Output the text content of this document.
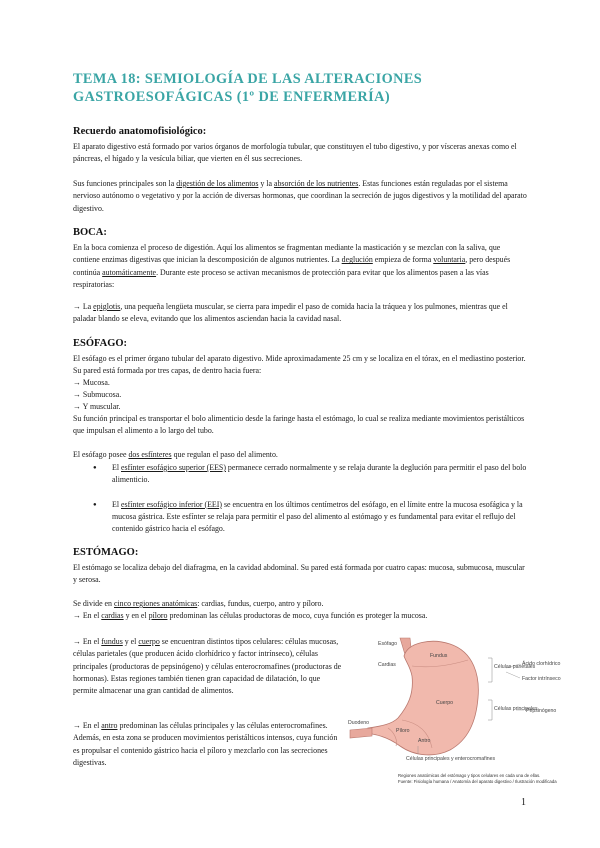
TEMA 18: SEMIOLOGÍA DE LAS ALTERACIONES GASTROESOFÁGICAS (1º DE ENFERMERÍA)

Recuerdo anatomofisiológico:

El aparato digestivo está formado por varios órganos de morfología tubular, que constituyen el tubo digestivo, y por vísceras anexas como el páncreas, el hígado y la vesícula biliar, que vierten en él sus secreciones.

Sus funciones principales son la digestión de los alimentos y la absorción de los nutrientes. Estas funciones están reguladas por el sistema nervioso autónomo o vegetativo y por la acción de diversas hormonas, que coordinan la secreción de jugos digestivos y la motilidad del aparato digestivo.

BOCA:

En la boca comienza el proceso de digestión. Aquí los alimentos se fragmentan mediante la masticación y se mezclan con la saliva, que contiene enzimas digestivas que inician la descomposición de algunos nutrientes. La deglución empieza de forma voluntaria, pero después continúa automáticamente. Durante este proceso se activan mecanismos de protección para evitar que los alimentos pasen a las vías respiratorias:

→ La epiglotis, una pequeña lengüeta muscular, se cierra para impedir el paso de comida hacia la tráquea y los pulmones, mientras que el paladar blando se eleva, evitando que los alimentos asciendan hacia la cavidad nasal.

ESÓFAGO:

El esófago es el primer órgano tubular del aparato digestivo. Mide aproximadamente 25 cm y se localiza en el tórax, en el mediastino posterior. Su pared está formada por tres capas, de dentro hacia fuera:

→ Mucosa.

→ Submucosa.

→ Y muscular.

Su función principal es transportar el bolo alimenticio desde la faringe hasta el estómago, lo cual se realiza mediante movimientos peristálticos que impulsan el alimento a lo largo del tubo.

El esófago posee dos esfínteres que regulan el paso del alimento.

● El esfínter esofágico superior (EES) permanece cerrado normalmente y se relaja durante la deglución para permitir el paso del bolo alimenticio.
● El esfínter esofágico inferior (EEI) se encuentra en los últimos centímetros del esófago, en el límite entre la mucosa esofágica y la mucosa gástrica. Este esfínter se relaja para permitir el paso del alimento al estómago y es fundamental para evitar el reflujo del contenido gástrico hacia el esófago.

ESTÓMAGO:

El estómago se localiza debajo del diafragma, en la cavidad abdominal. Su pared está formada por cuatro capas: mucosa, submucosa, muscular y serosa.

Se divide en cinco regiones anatómicas: cardias, fundus, cuerpo, antro y píloro.

→ En el cardias y en el píloro predominan las células productoras de moco, cuya función es proteger la mucosa.

→ En el fundus y el cuerpo se encuentran distintos tipos celulares: células mucosas, células parietales (que producen ácido clorhídrico y factor intrínseco), células principales (productoras de pepsinógeno) y células enterocromafines (productoras de hormonas). Estas regiones también tienen gran capacidad de dilatación, lo que permite almacenar una gran cantidad de alimentos.

→ En el antro predominan las células principales y las células enterocromafines. Además, en esta zona se producen movimientos peristálticos intensos, cuya función es propulsar el contenido gástrico hacia el píloro y mezclarlo con las secreciones digestivas.

Esófago
Cardias
Fundus
Cuerpo
Píloro
Antro
Duodeno
Células parietales
Ácido clorhídrico
Factor intrínseco
Células principales
Pepsinógeno
Células principales y enterocromafines
Regiones anatómicas del estómago y tipos celulares en cada una de ellas.
Fuente: Fisiología humana / Anatomía del aparato digestivo / Ilustración modificada
1
